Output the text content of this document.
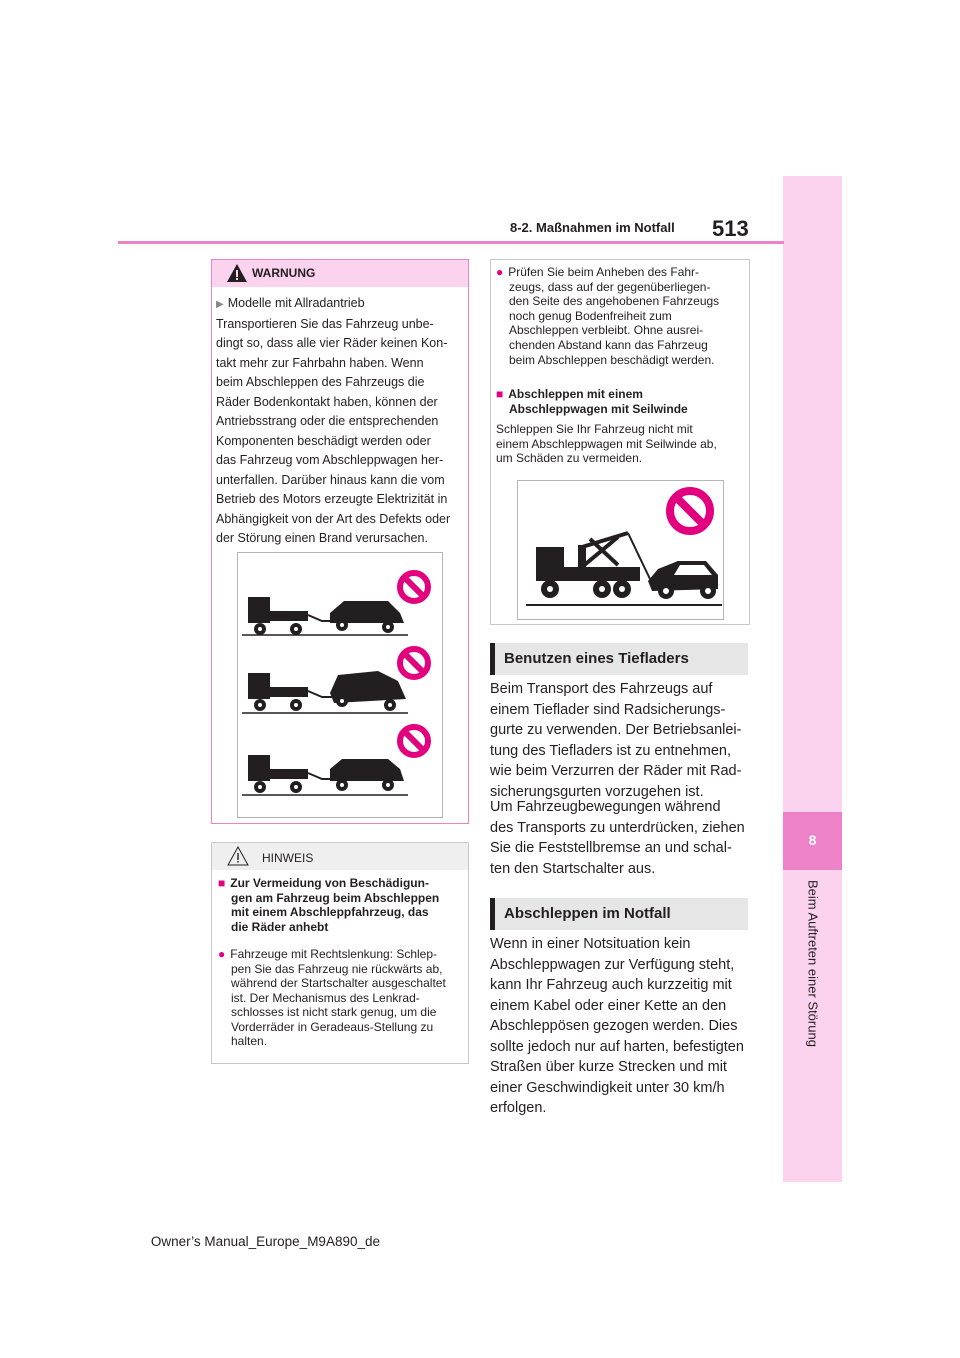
8
Beim Auftreten einer Störung
8-2. Maßnahmen im Notfall 513
WARNUNG
▶ Modelle mit Allradantrieb
Transportieren Sie das Fahrzeug unbe-
dingt so, dass alle vier Räder keinen Kon-
takt mehr zur Fahrbahn haben. Wenn
beim Abschleppen des Fahrzeugs die
Räder Bodenkontakt haben, können der
Antriebsstrang oder die entsprechenden
Komponenten beschädigt werden oder
das Fahrzeug vom Abschleppwagen her-
unterfallen. Darüber hinaus kann die vom
Betrieb des Motors erzeugte Elektrizität in
Abhängigkeit von der Art des Defekts oder
der Störung einen Brand verursachen.
HINWEIS
■ Zur Vermeidung von Beschädigun-
gen am Fahrzeug beim Abschleppen
mit einem Abschleppfahrzeug, das
die Räder anhebt
● Fahrzeuge mit Rechtslenkung: Schlep-
pen Sie das Fahrzeug nie rückwärts ab,
während der Startschalter ausgeschaltet
ist. Der Mechanismus des Lenkrad-
schlosses ist nicht stark genug, um die
Vorderräder in Geradeaus-Stellung zu
halten.
● Prüfen Sie beim Anheben des Fahr-
zeugs, dass auf der gegenüberliegen-
den Seite des angehobenen Fahrzeugs
noch genug Bodenfreiheit zum
Abschleppen verbleibt. Ohne ausrei-
chenden Abstand kann das Fahrzeug
beim Abschleppen beschädigt werden.
■ Abschleppen mit einem
Abschleppwagen mit Seilwinde
Schleppen Sie Ihr Fahrzeug nicht mit
einem Abschleppwagen mit Seilwinde ab,
um Schäden zu vermeiden.
Benutzen eines Tiefladers
Beim Transport des Fahrzeugs auf
einem Tieflader sind Radsicherungs-
gurte zu verwenden. Der Betriebsanlei-
tung des Tiefladers ist zu entnehmen,
wie beim Verzurren der Räder mit Rad-
sicherungsgurten vorzugehen ist.
Um Fahrzeugbewegungen während
des Transports zu unterdrücken, ziehen
Sie die Feststellbremse an und schal-
ten den Startschalter aus.
Abschleppen im Notfall
Wenn in einer Notsituation kein
Abschleppwagen zur Verfügung steht,
kann Ihr Fahrzeug auch kurzzeitig mit
einem Kabel oder einer Kette an den
Abschleppösen gezogen werden. Dies
sollte jedoch nur auf harten, befestigten
Straßen über kurze Strecken und mit
einer Geschwindigkeit unter 30 km/h
erfolgen.
Owner’s Manual_Europe_M9A890_de
